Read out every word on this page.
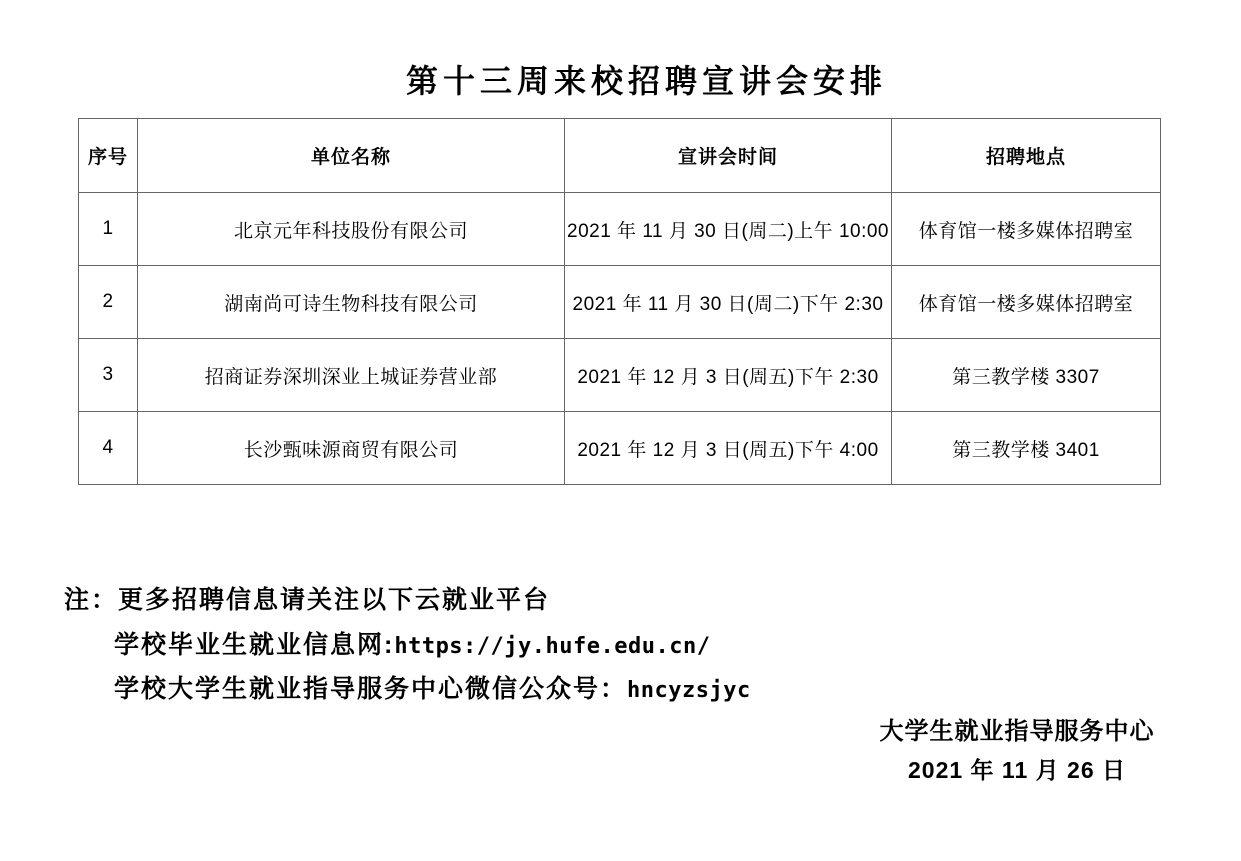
第十三周来校招聘宣讲会安排
序号	单位名称	宣讲会时间	招聘地点
1	北京元年科技股份有限公司	2021 年 11 月 30 日(周二)上午 10:00	体育馆一楼多媒体招聘室
2	湖南尚可诗生物科技有限公司	2021 年 11 月 30 日(周二)下午 2:30	体育馆一楼多媒体招聘室
3	招商证券深圳深业上城证券营业部	2021 年 12 月 3 日(周五)下午 2:30	第三教学楼 3307
4	长沙甄味源商贸有限公司	2021 年 12 月 3 日(周五)下午 4:00	第三教学楼 3401
注：更多招聘信息请关注以下云就业平台
学校毕业生就业信息网:https://jy.hufe.edu.cn/
学校大学生就业指导服务中心微信公众号：hncyzsjyc
大学生就业指导服务中心
2021 年 11 月 26 日
